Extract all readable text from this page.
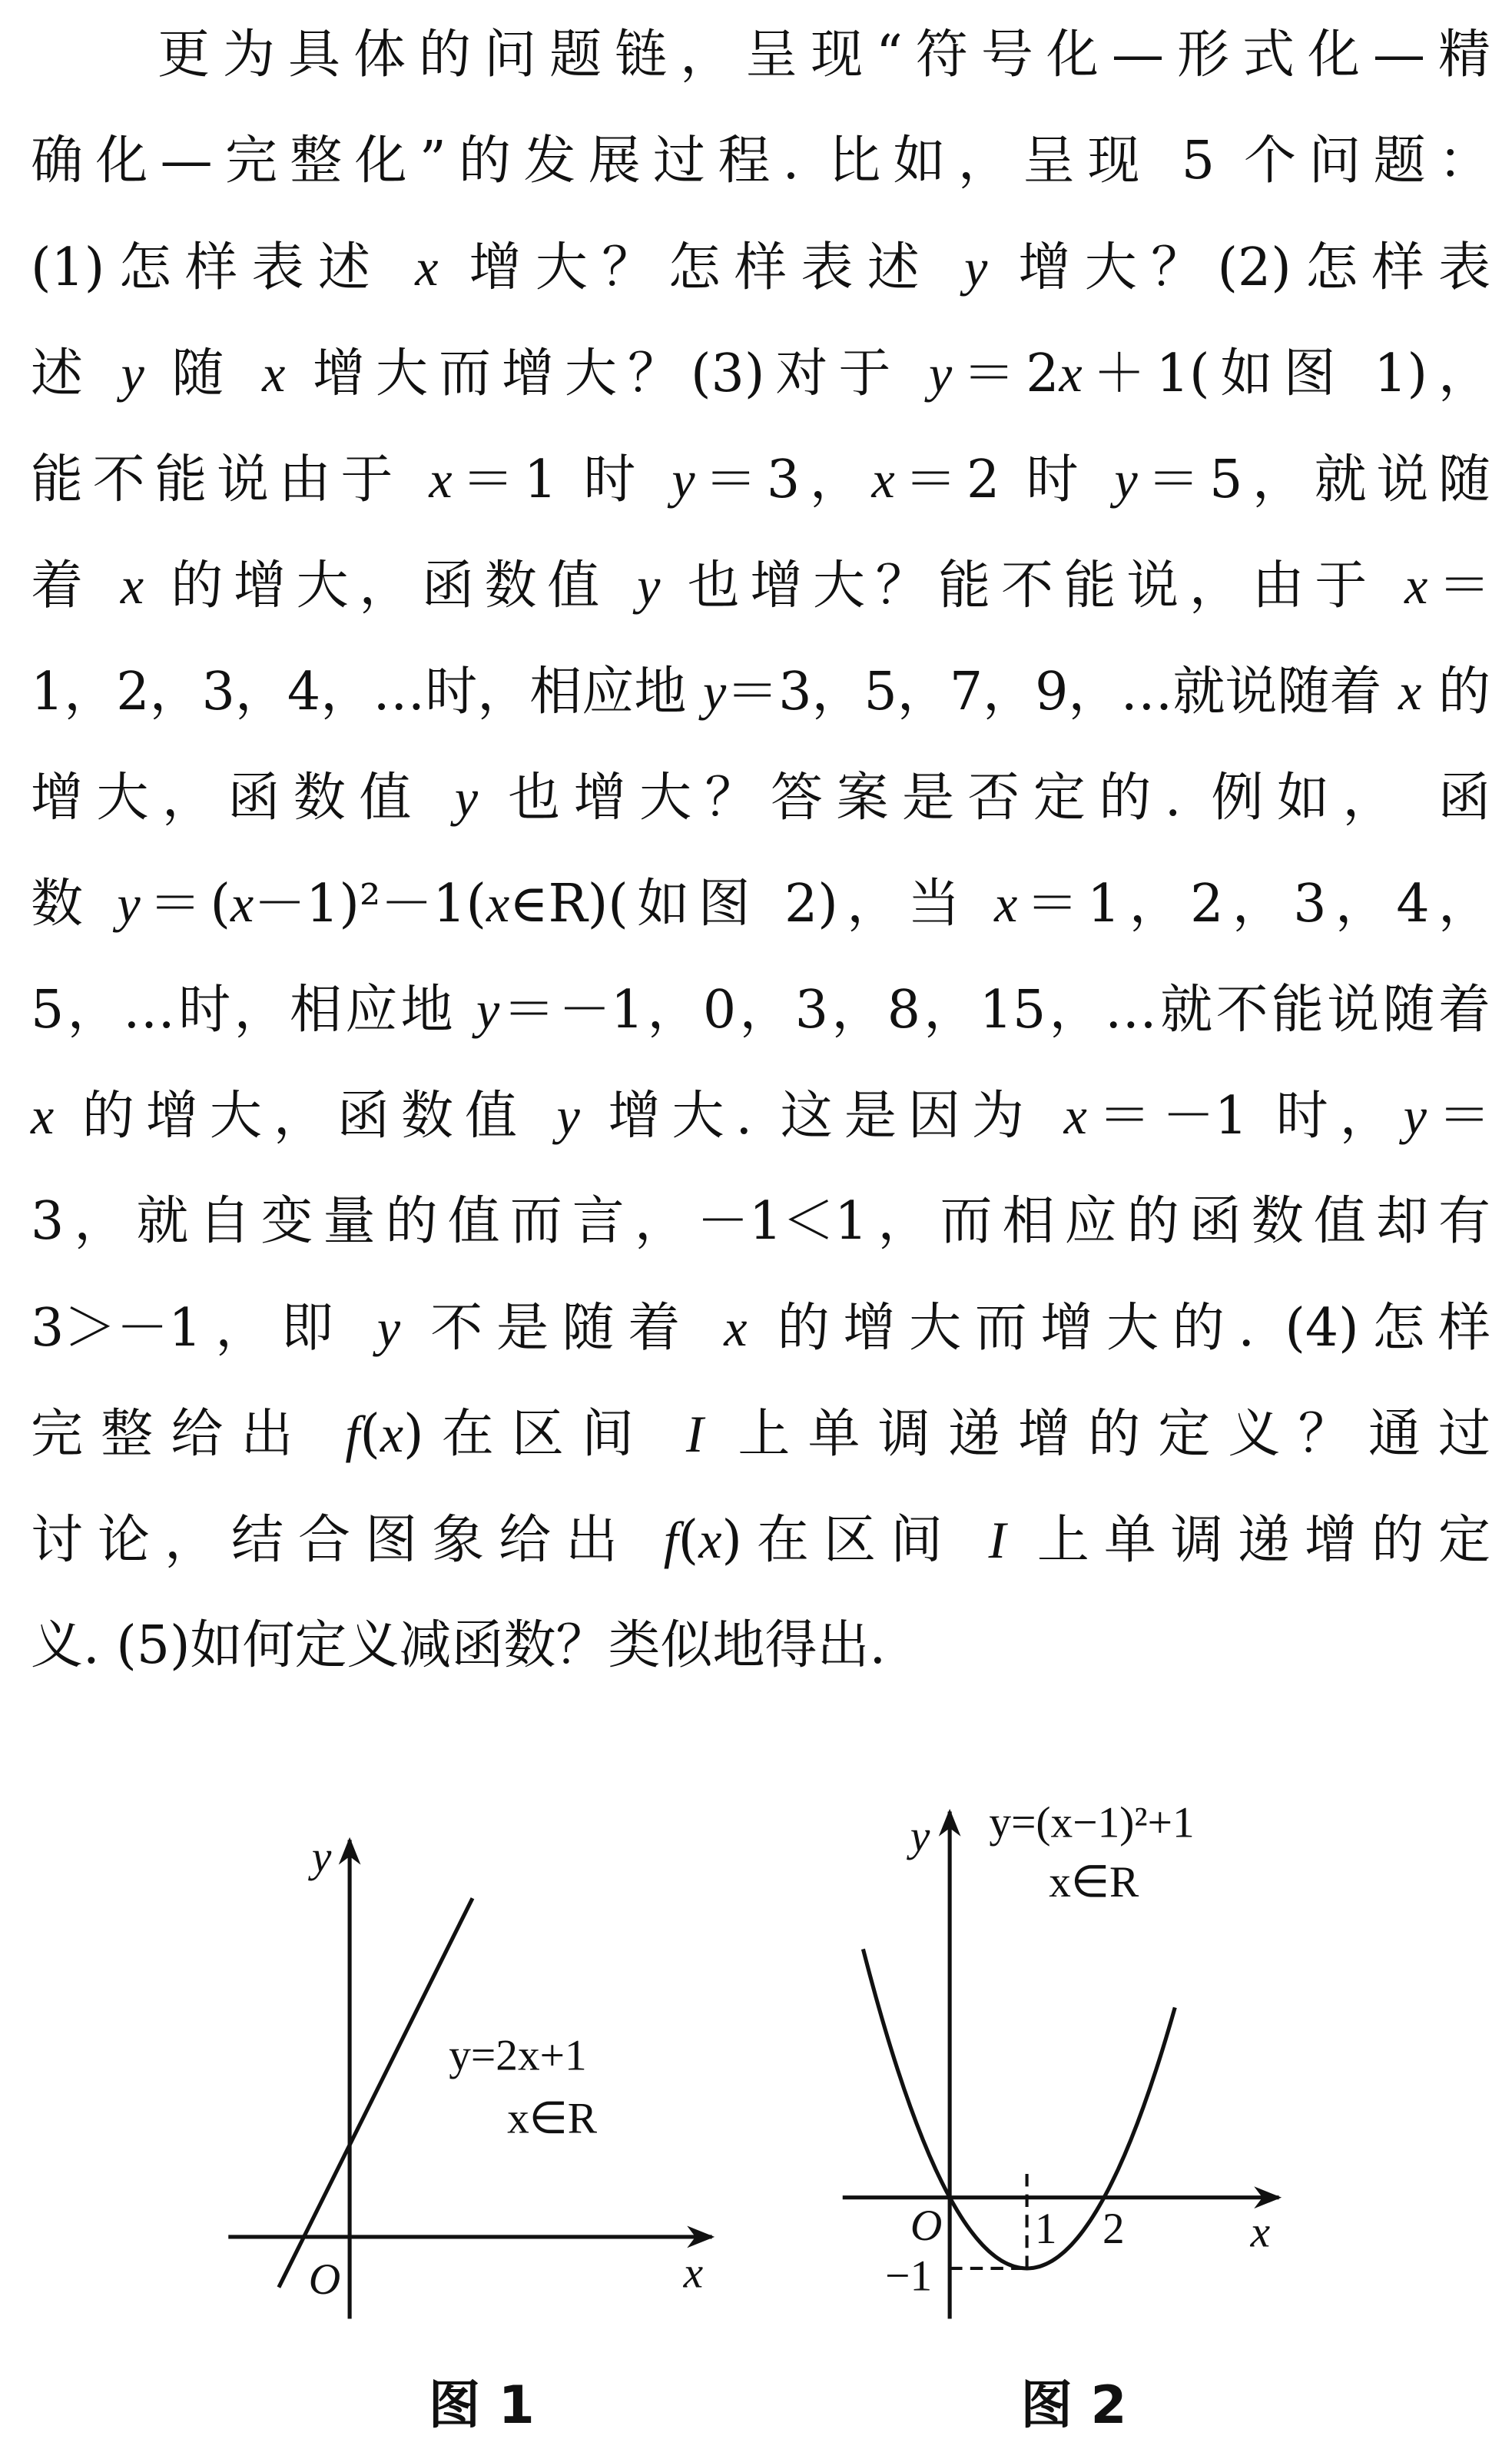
更为具体的问题链，呈现“符号化—形式化—精
确化—完整化”的发展过程. 比如，呈现 5 个问题：
(1)怎样表述 x 增大？怎样表述 y 增大？(2)怎样表
述 y 随 x 增大而增大？(3)对于 y＝2x＋1(如图 1)，
能不能说由于 x＝1 时 y＝3，x＝2 时 y＝5，就说随
着 x 的增大，函数值 y 也增大？能不能说，由于 x＝
1，2，3，4，…时，相应地 y＝3，5，7，9，…就说随着 x 的
增大，函数值 y 也增大？答案是否定的. 例如， 函
数 y＝(x－1)²－1(x∈R)(如图 2)，当 x＝1，2，3，4，
5，…时，相应地 y＝－1，0，3，8，15，…就不能说随着
x 的增大，函数值 y 增大. 这是因为 x＝－1 时，y＝
3，就自变量的值而言，－1＜1，而相应的函数值却有
3＞－1，即 y 不是随着 x 的增大而增大的. (4)怎样
完整给出 f(x)在区间 I 上单调递增的定义？通过
讨论，结合图象给出 f(x)在区间 I 上单调递增的定
义. (5)如何定义减函数？类似地得出.
y
x
O
y=2x+1
x∈R
图 1
y
x
O	1 2
−1
y=(x−1)²+1
x∈R
图 2
